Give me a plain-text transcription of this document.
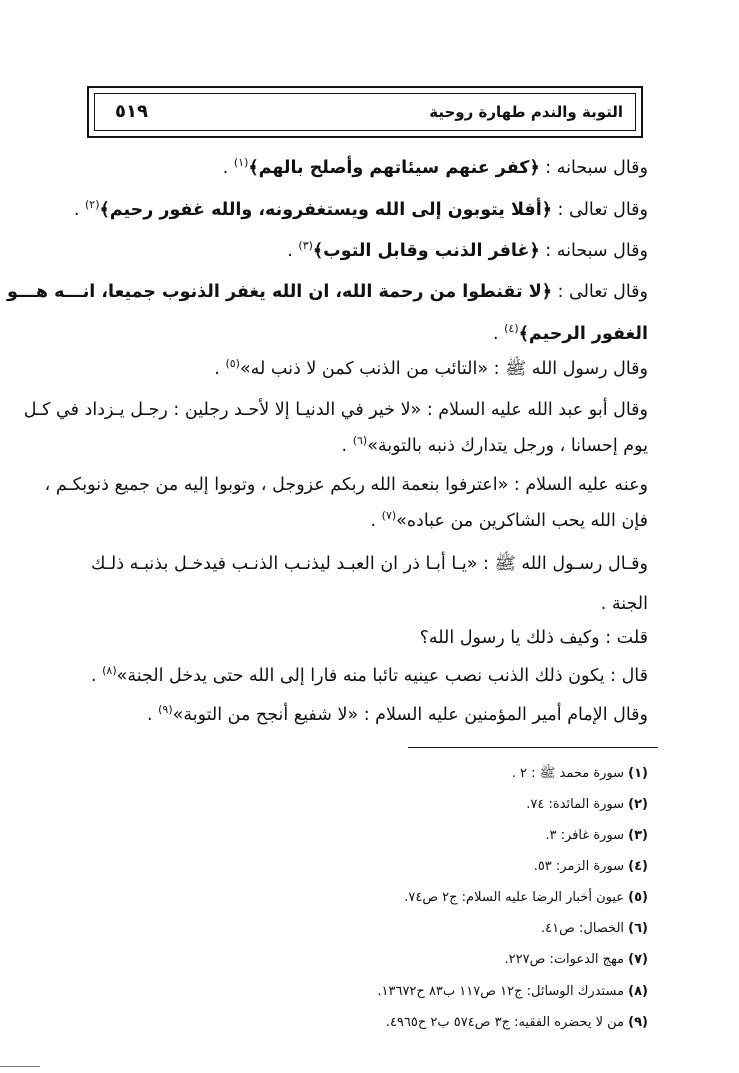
التوبة والندم طهارة روحية
٥١٩
وقال سبحانه : ﴿كفر عنهم سيئاتهم وأصلح بالهم﴾$^{(١)}$ .
وقال تعالى : ﴿أفلا يتوبون إلى الله ويستغفرونه، والله غفور رحيم﴾$^{(٢)}$ .
وقال سبحانه : ﴿غافر الذنب وقابل التوب﴾$^{(٣)}$ .
وقال تعالى : ﴿لا تقنطوا من رحمة الله، ان الله يغفر الذنوب جميعا، انـــه هـــو
الغفور الرحيم﴾$^{(٤)}$ .
وقال رسول الله ﷺ : «التائب من الذنب كمن لا ذنب له»$^{(٥)}$ .
وقال أبو عبد الله عليه السلام : «لا خير في الدنيـا إلا لأحـد رجلين : رجـل يـزداد في كـل
يوم إحسانا ، ورجل يتدارك ذنبه بالتوبة»$^{(٦)}$ .
وعنه عليه السلام : «اعترفوا بنعمة الله ربكم عزوجل ، وتوبوا إليه من جميع ذنوبكـم ،
فإن الله يحب الشاكرين من عباده»$^{(٧)}$ .
وقـال رسـول الله ﷺ : «يـا أبـا ذر ان العبـد ليذنـب الذنـب فيدخـل بذنبـه ذلـك
الجنة .
قلت : وكيف ذلك يا رسول الله؟
قال : يكون ذلك الذنب نصب عينيه تائبا منه فارا إلى الله حتى يدخل الجنة»$^{(٨)}$ .
وقال الإمام أمير المؤمنين عليه السلام : «لا شفيع أنجح من التوبة»$^{(٩)}$ .
(١) سورة محمد ﷺ : ٢ .
(٢) سورة المائدة: ٧٤.
(٣) سورة غافر: ٣.
(٤) سورة الزمر: ٥٣.
(٥) عيون أخبار الرضا عليه السلام: ج٢ ص٧٤.
(٦) الخصال: ص٤١.
(٧) مهج الدعوات: ص٢٢٧.
(٨) مستدرك الوسائل: ج١٢ ص١١٧ ب٨٣ ح١٣٦٧٢.
(٩) من لا يحضره الفقيه: ج٣ ص٥٧٤ ب٢ ح٤٩٦٥.
